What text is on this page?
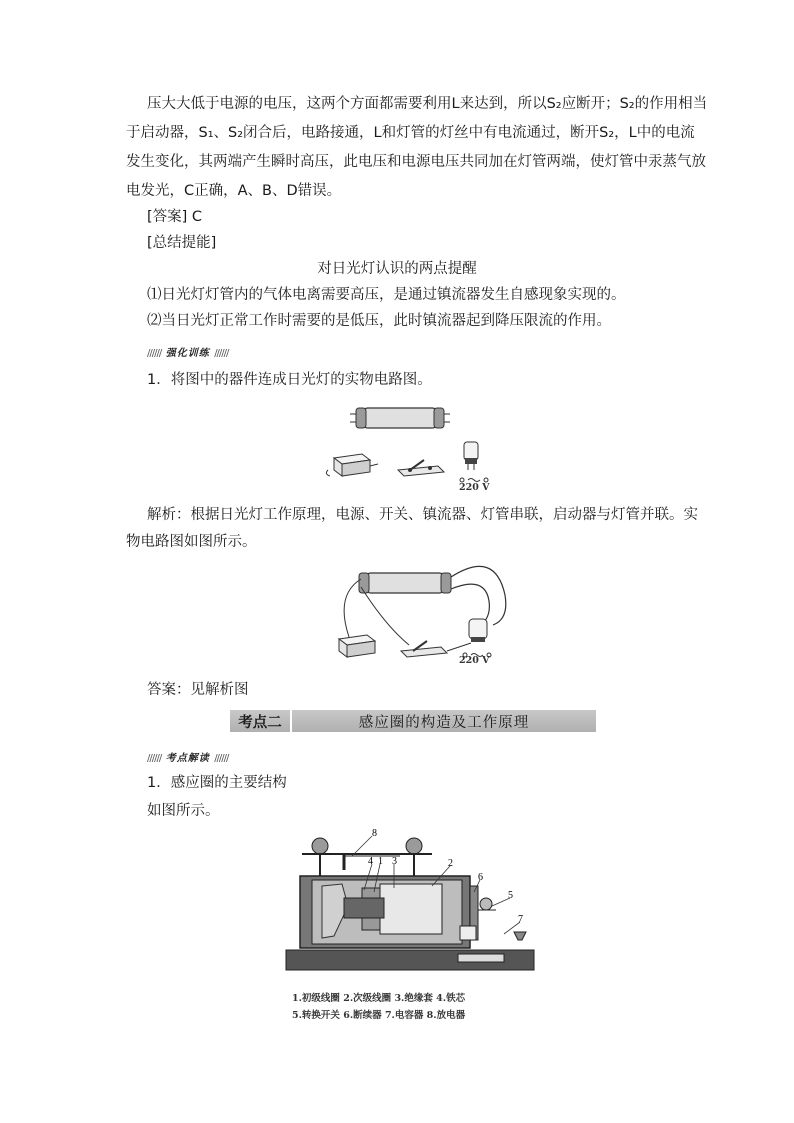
压大大低于电源的电压，这两个方面都需要利用L来达到，所以S₂应断开；S₂的作用相当
于启动器，S₁、S₂闭合后，电路接通，L和灯管的灯丝中有电流通过，断开S₂，L中的电流
发生变化，其两端产生瞬时高压，此电压和电源电压共同加在灯管两端，使灯管中汞蒸气放
电发光，C正确，A、B、D错误。
[答案] C
[总结提能]
对日光灯认识的两点提醒
⑴日光灯灯管内的气体电离需要高压，是通过镇流器发生自感现象实现的。
⑵当日光灯正常工作时需要的是低压，此时镇流器起到降压限流的作用。
////// 强化训练 //////
1．将图中的器件连成日光灯的实物电路图。
220 V
解析：根据日光灯工作原理，电源、开关、镇流器、灯管串联，启动器与灯管并联。实
物电路图如图所示。
220 V
答案：见解析图
考点二	感应圈的构造及工作原理
////// 考点解读 //////
1．感应圈的主要结构
如图所示。
8
4 1 3	2
6
5
7
1.初级线圈 2.次级线圈 3.绝缘套 4.铁芯
5.转换开关 6.断续器 7.电容器 8.放电器
